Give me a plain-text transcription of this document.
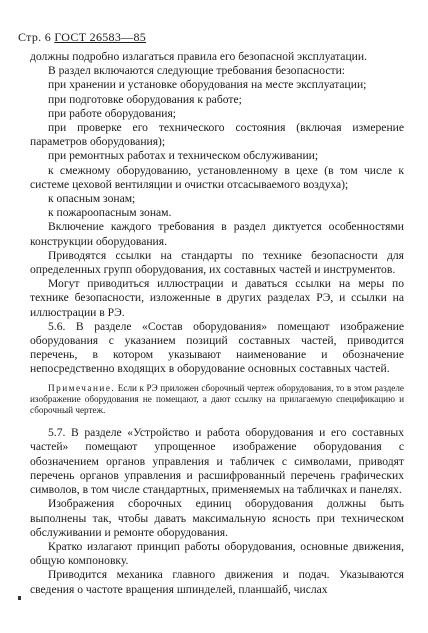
Стр. 6 ГОСТ 26583—85

должны подробно излагаться правила его безопасной эксплуатации.

В раздел включаются следующие требования безопасности:

при хранении и установке оборудования на месте эксплуатации;

при подготовке оборудования к работе;

при работе оборудования;

при проверке его технического состояния (включая измерение параметров оборудования);

при ремонтных работах и техническом обслуживании;

к смежному оборудованию, установленному в цехе (в том числе к системе цеховой вентиляции и очистки отсасываемого воздуха);

к опасным зонам;

к пожароопасным зонам.

Включение каждого требования в раздел диктуется особенностями конструкции оборудования.

Приводятся ссылки на стандарты по технике безопасности для определенных групп оборудования, их составных частей и инструментов.

Могут приводиться иллюстрации и даваться ссылки на меры по технике безопасности, изложенные в других разделах РЭ, и ссылки на иллюстрации в РЭ.

5.6. В разделе «Состав оборудования» помещают изображение оборудования с указанием позиций составных частей, приводится перечень, в котором указывают наименование и обозначение непосредственно входящих в оборудование основных составных частей.

Примечание. Если к РЭ приложен сборочный чертеж оборудования, то в этом разделе изображение оборудования не помещают, а дают ссылку на прилагаемую спецификацию и сборочный чертеж.

5.7. В разделе «Устройство и работа оборудования и его составных частей» помещают упрощенное изображение оборудования с обозначением органов управления и табличек с символами, приводят перечень органов управления и расшифрованный перечень графических символов, в том числе стандартных, применяемых на табличках и панелях.

Изображения сборочных единиц оборудования должны быть выполнены так, чтобы давать максимальную ясность при техническом обслуживании и ремонте оборудования.

Кратко излагают принцип работы оборудования, основные движения, общую компоновку.

Приводится механика главного движения и подач. Указываются сведения о частоте вращения шпинделей, планшайб, числах
